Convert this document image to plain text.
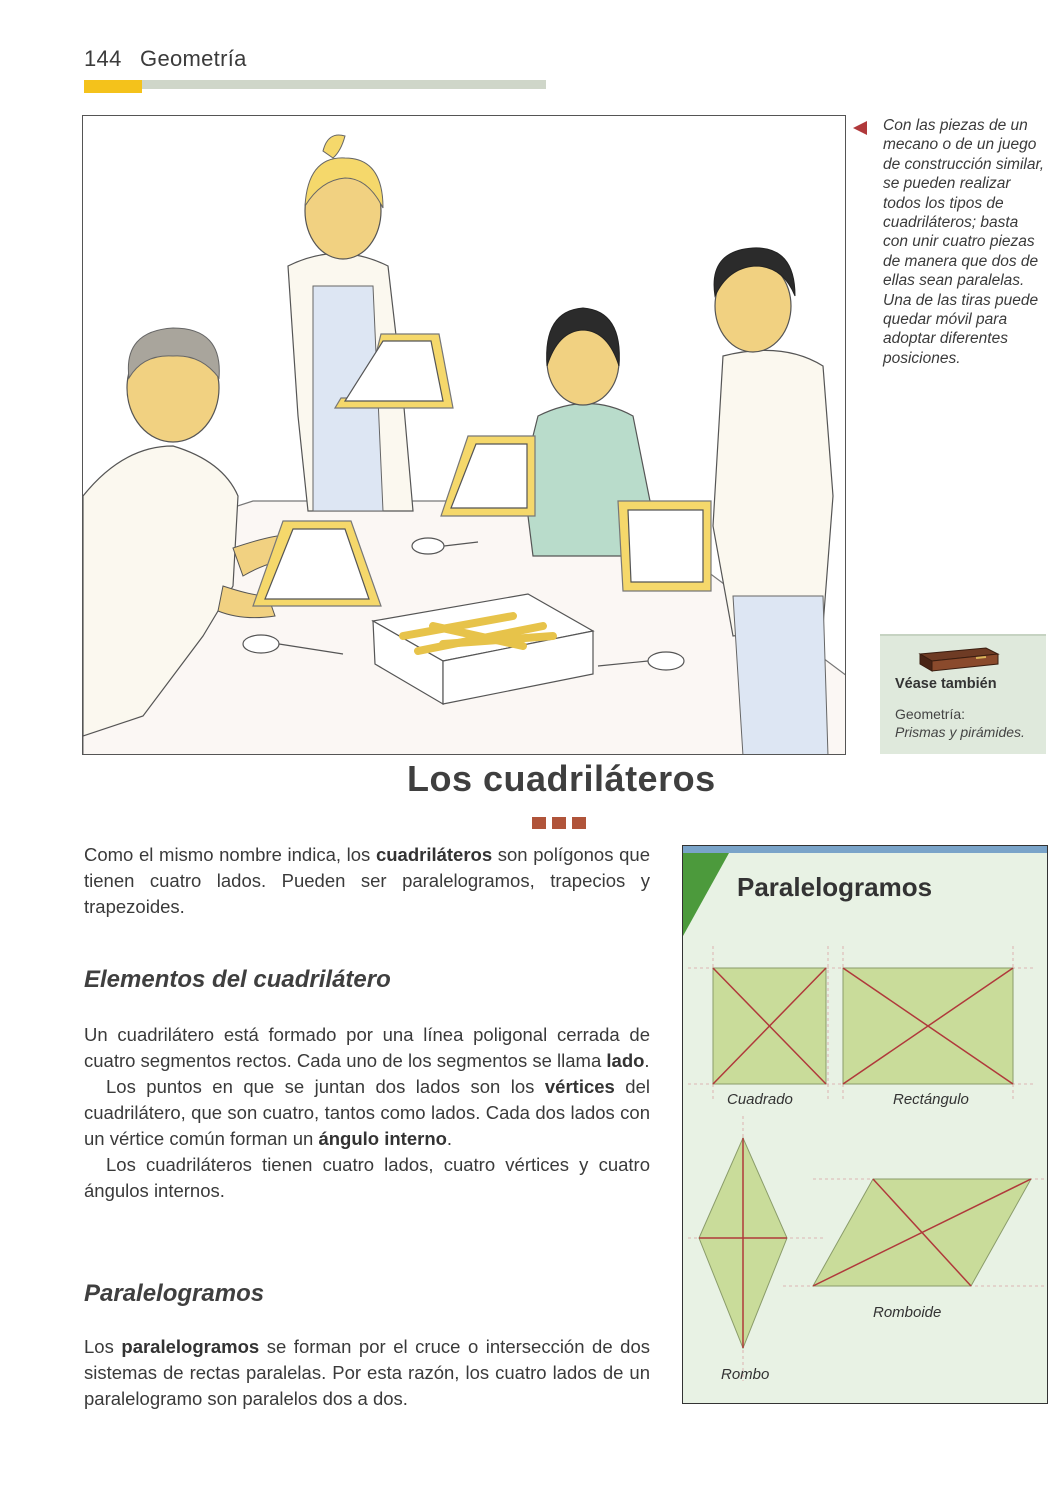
144 Geometría
Con las piezas de un mecano o de un juego de construcción similar, se pueden realizar todos los tipos de cuadriláteros; basta con unir cuatro piezas de manera que dos de ellas sean paralelas. Una de las tiras puede quedar móvil para adoptar diferentes posiciones.
Véase también
Geometría:
Prismas y pirámides.
Los cuadriláteros

Como el mismo nombre indica, los cuadriláteros son polígonos que tienen cuatro lados. Pueden ser paralelogramos, trapecios y trapezoides.

Elementos del cuadrilátero

Un cuadrilátero está formado por una línea poligonal cerrada de cuatro segmentos rectos. Cada uno de los segmentos se llama lado.

Los puntos en que se juntan dos lados son los vértices del cuadrilátero, que son cuatro, tantos como lados. Cada dos lados con un vértice común forman un ángulo interno.

Los cuadriláteros tienen cuatro lados, cuatro vértices y cuatro ángulos internos.

Paralelogramos

Los paralelogramos se forman por el cruce o intersección de dos sistemas de rectas paralelas. Por esta razón, los cuatro lados de un paralelogramo son paralelos dos a dos.

Paralelogramos
Cuadrado	Rectángulo
Romboide
Rombo
